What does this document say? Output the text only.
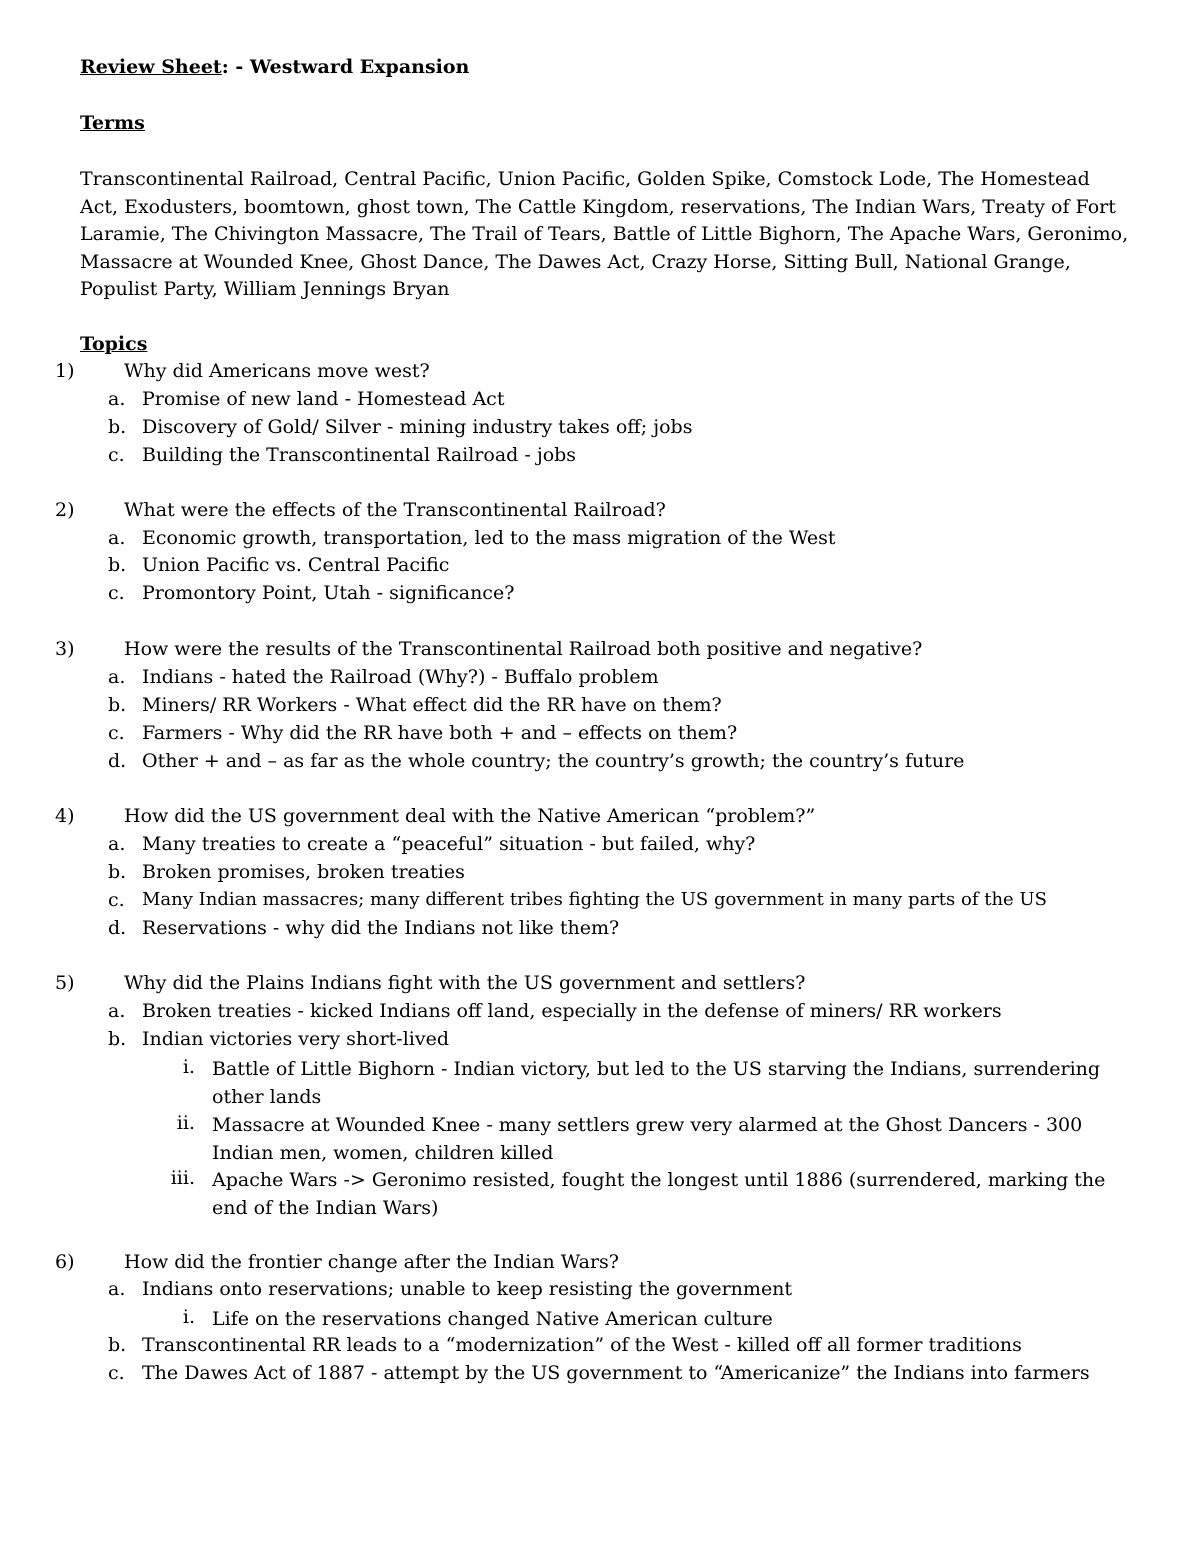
Review Sheet: - Westward Expansion
Terms
Transcontinental Railroad, Central Pacific, Union Pacific, Golden Spike, Comstock Lode, The Homestead Act, Exodusters, boomtown, ghost town, The Cattle Kingdom, reservations, The Indian Wars, Treaty of Fort Laramie, The Chivington Massacre, The Trail of Tears, Battle of Little Bighorn, The Apache Wars, Geronimo, Massacre at Wounded Knee, Ghost Dance, The Dawes Act, Crazy Horse, Sitting Bull, National Grange, Populist Party, William Jennings Bryan
Topics
1)	Why did Americans move west?
a. Promise of new land - Homestead Act
b. Discovery of Gold/ Silver - mining industry takes off; jobs
c. Building the Transcontinental Railroad - jobs
2)	What were the effects of the Transcontinental Railroad?
a. Economic growth, transportation, led to the mass migration of the West
b. Union Pacific vs. Central Pacific
c. Promontory Point, Utah - significance?
3)	How were the results of the Transcontinental Railroad both positive and negative?
a. Indians - hated the Railroad (Why?) - Buffalo problem
b. Miners/ RR Workers - What effect did the RR have on them?
c. Farmers - Why did the RR have both + and – effects on them?
d. Other + and – as far as the whole country; the country’s growth; the country’s future
4)	How did the US government deal with the Native American “problem?”
a. Many treaties to create a “peaceful” situation - but failed, why?
b. Broken promises, broken treaties
c. Many Indian massacres; many different tribes fighting the US government in many parts of the US
d. Reservations - why did the Indians not like them?
5)	Why did the Plains Indians fight with the US government and settlers?
a. Broken treaties - kicked Indians off land, especially in the defense of miners/ RR workers
b. Indian victories very short-lived
i. Battle of Little Bighorn - Indian victory, but led to the US starving the Indians, surrendering other lands
ii. Massacre at Wounded Knee - many settlers grew very alarmed at the Ghost Dancers - 300 Indian men, women, children killed
iii. Apache Wars -> Geronimo resisted, fought the longest until 1886 (surrendered, marking the end of the Indian Wars)
6)	How did the frontier change after the Indian Wars?
a. Indians onto reservations; unable to keep resisting the government
i. Life on the reservations changed Native American culture
b. Transcontinental RR leads to a “modernization” of the West - killed off all former traditions
c. The Dawes Act of 1887 - attempt by the US government to “Americanize” the Indians into farmers
